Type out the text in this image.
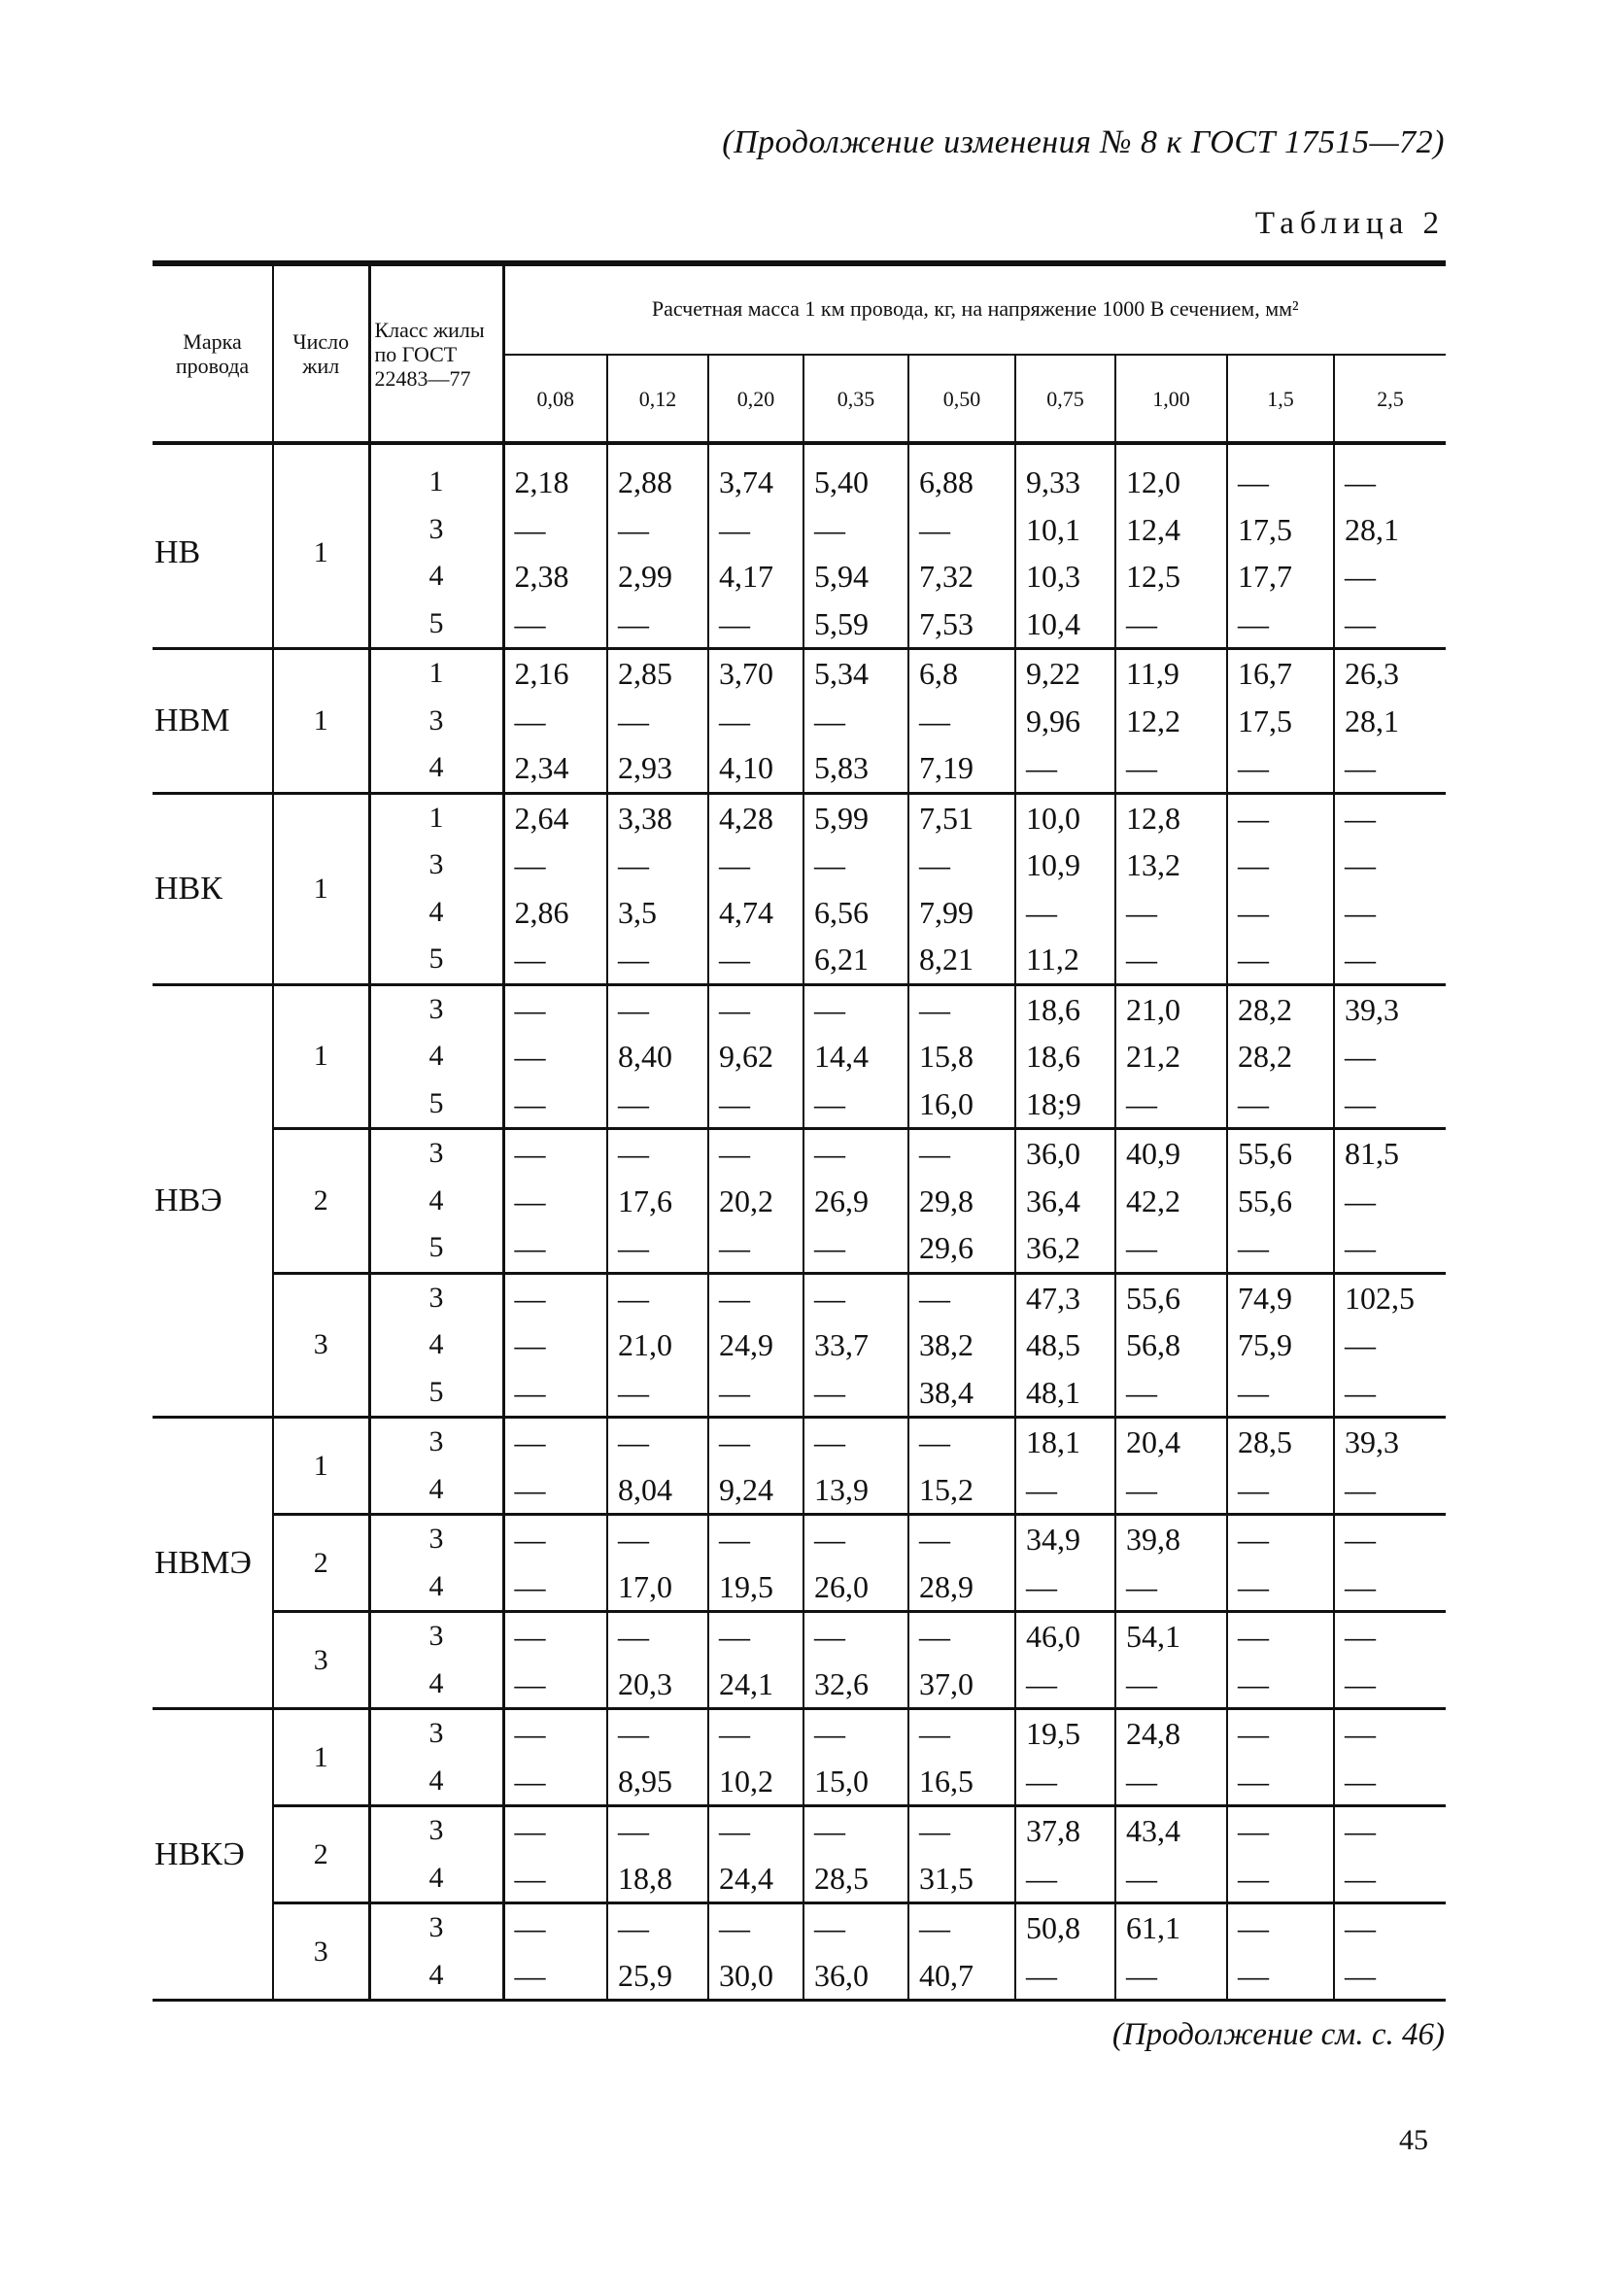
(Продолжение изменения № 8 к ГОСТ 17515—72)
Таблица 2
Марка провода	Число жил	Класс жилы по ГОСТ 22483—77	Расчетная масса 1 км провода, кг, на напряжение 1000 В сечением, мм²								
			0,08	0,12	0,20	0,35	0,50	0,75	1,00	1,5	2,5
НВ	1	1	2,18	2,88	3,74	5,40	6,88	9,33	12,0	—	—
		3	—	—	—	—	—	10,1	12,4	17,5	28,1
		4	2,38	2,99	4,17	5,94	7,32	10,3	12,5	17,7	—
		5	—	—	—	5,59	7,53	10,4	—	—	—
НВМ	1	1	2,16	2,85	3,70	5,34	6,8	9,22	11,9	16,7	26,3
		3	—	—	—	—	—	9,96	12,2	17,5	28,1
		4	2,34	2,93	4,10	5,83	7,19	—	—	—	—
НВК	1	1	2,64	3,38	4,28	5,99	7,51	10,0	12,8	—	—
		3	—	—	—	—	—	10,9	13,2	—	—
		4	2,86	3,5	4,74	6,56	7,99	—	—	—	—
		5	—	—	—	6,21	8,21	11,2	—	—	—
НВЭ	1	3	—	—	—	—	—	18,6	21,0	28,2	39,3
		4	—	8,40	9,62	14,4	15,8	18,6	21,2	28,2	—
		5	—	—	—	—	16,0	18;9	—	—	—
	2	3	—	—	—	—	—	36,0	40,9	55,6	81,5
		4	—	17,6	20,2	26,9	29,8	36,4	42,2	55,6	—
		5	—	—	—	—	29,6	36,2	—	—	—
	3	3	—	—	—	—	—	47,3	55,6	74,9	102,5
		4	—	21,0	24,9	33,7	38,2	48,5	56,8	75,9	—
		5	—	—	—	—	38,4	48,1	—	—	—
НВМЭ	1	3	—	—	—	—	—	18,1	20,4	28,5	39,3
		4	—	8,04	9,24	13,9	15,2	—	—	—	—
	2	3	—	—	—	—	—	34,9	39,8	—	—
		4	—	17,0	19,5	26,0	28,9	—	—	—	—
	3	3	—	—	—	—	—	46,0	54,1	—	—
		4	—	20,3	24,1	32,6	37,0	—	—	—	—
НВКЭ	1	3	—	—	—	—	—	19,5	24,8	—	—
		4	—	8,95	10,2	15,0	16,5	—	—	—	—
	2	3	—	—	—	—	—	37,8	43,4	—	—
		4	—	18,8	24,4	28,5	31,5	—	—	—	—
	3	3	—	—	—	—	—	50,8	61,1	—	—
		4	—	25,9	30,0	36,0	40,7	—	—	—	—
(Продолжение см. с. 46)
45
